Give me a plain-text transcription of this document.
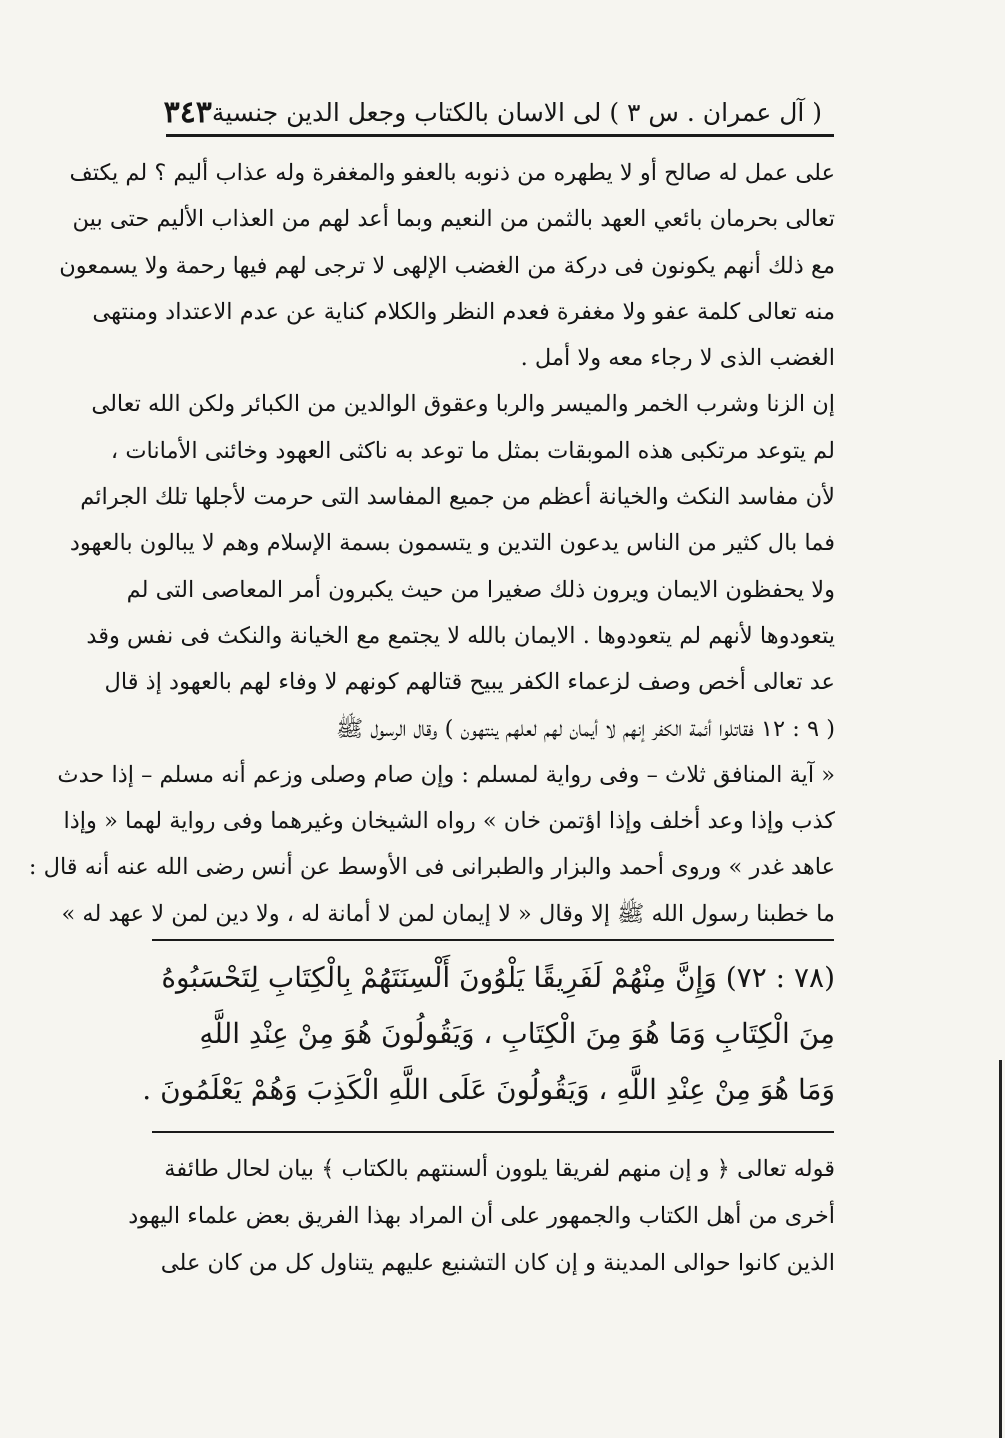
( آل عمران . س ٣ ) لى الاسان بالكتاب وجعل الدين جنسية
٣٤٣
على عمل له صالح أو لا يطهره من ذنوبه بالعفو والمغفرة وله عذاب أليم ؟ لم يكتف
تعالى بحرمان بائعي العهد بالثمن من النعيم وبما أعد لهم من العذاب الأليم حتى بين
مع ذلك أنهم يكونون فى دركة من الغضب الإلهى لا ترجى لهم فيها رحمة ولا يسمعون
منه تعالى كلمة عفو ولا مغفرة فعدم النظر والكلام كناية عن عدم الاعتداد ومنتهى
الغضب الذى لا رجاء معه ولا أمل .
إن الزنا وشرب الخمر والميسر والربا وعقوق الوالدين من الكبائر ولكن الله تعالى
لم يتوعد مرتكبى هذه الموبقات بمثل ما توعد به ناكثى العهود وخائنى الأمانات ،
لأن مفاسد النكث والخيانة أعظم من جميع المفاسد التى حرمت لأجلها تلك الجرائم
فما بال كثير من الناس يدعون التدين و يتسمون بسمة الإسلام وهم لا يبالون بالعهود
ولا يحفظون الايمان ويرون ذلك صغيرا من حيث يكبرون أمر المعاصى التى لم
يتعودوها لأنهم لم يتعودوها . الايمان بالله لا يجتمع مع الخيانة والنكث فى نفس وقد
عد تعالى أخص وصف لزعماء الكفر يبيح قتالهم كونهم لا وفاء لهم بالعهود إذ قال
( ٩ : ١٢ فقاتلوا أئمة الكفر إنهم لا أيمان لهم لعلهم ينتهون ) وقال الرسول ﷺ
« آية المنافق ثلاث – وفى رواية لمسلم : وإن صام وصلى وزعم أنه مسلم – إذا حدث
كذب وإذا وعد أخلف وإذا اؤتمن خان » رواه الشيخان وغيرهما وفى رواية لهما « وإذا
عاهد غدر » وروى أحمد والبزار والطبرانى فى الأوسط عن أنس رضى الله عنه أنه قال :
ما خطبنا رسول الله ﷺ إلا وقال « لا إيمان لمن لا أمانة له ، ولا دين لمن لا عهد له »
(٧٨ : ٧٢) وَإِنَّ مِنْهُمْ لَفَرِيقًا يَلْوُونَ أَلْسِنَتَهُمْ بِالْكِتَابِ لِتَحْسَبُوهُ
مِنَ الْكِتَابِ وَمَا هُوَ مِنَ الْكِتَابِ ، وَيَقُولُونَ هُوَ مِنْ عِنْدِ اللَّهِ
وَمَا هُوَ مِنْ عِنْدِ اللَّهِ ، وَيَقُولُونَ عَلَى اللَّهِ الْكَذِبَ وَهُمْ يَعْلَمُونَ .
قوله تعالى ﴿ و إن منهم لفريقا يلوون ألسنتهم بالكتاب ﴾ بيان لحال طائفة
أخرى من أهل الكتاب والجمهور على أن المراد بهذا الفريق بعض علماء اليهود
الذين كانوا حوالى المدينة و إن كان التشنيع عليهم يتناول كل من كان على
